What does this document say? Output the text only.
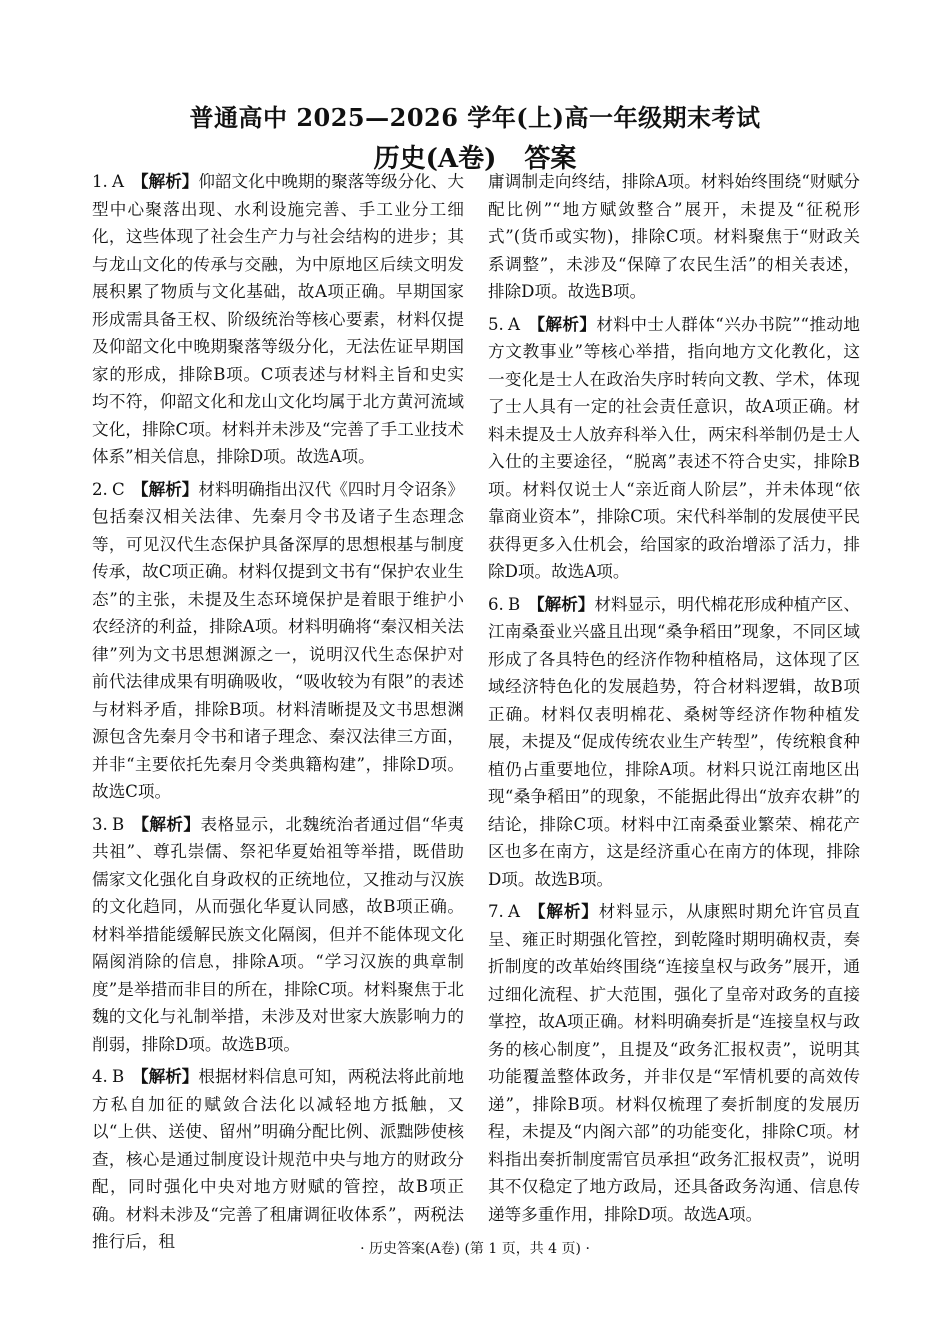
普通高中 2025—2026 学年(上)高一年级期末考试
历史(A卷) 答案
1. A 【解析】仰韶文化中晚期的聚落等级分化、大型中心聚落出现、水利设施完善、手工业分工细化，这些体现了社会生产力与社会结构的进步；其与龙山文化的传承与交融，为中原地区后续文明发展积累了物质与文化基础，故A项正确。早期国家形成需具备王权、阶级统治等核心要素，材料仅提及仰韶文化中晚期聚落等级分化，无法佐证早期国家的形成，排除B项。C项表述与材料主旨和史实均不符，仰韶文化和龙山文化均属于北方黄河流域文化，排除C项。材料并未涉及“完善了手工业技术体系”相关信息，排除D项。故选A项。
2. C 【解析】材料明确指出汉代《四时月令诏条》包括秦汉相关法律、先秦月令书及诸子生态理念等，可见汉代生态保护具备深厚的思想根基与制度传承，故C项正确。材料仅提到文书有“保护农业生态”的主张，未提及生态环境保护是着眼于维护小农经济的利益，排除A项。材料明确将“秦汉相关法律”列为文书思想渊源之一，说明汉代生态保护对前代法律成果有明确吸收，“吸收较为有限”的表述与材料矛盾，排除B项。材料清晰提及文书思想渊源包含先秦月令书和诸子理念、秦汉法律三方面，并非“主要依托先秦月令类典籍构建”，排除D项。故选C项。
3. B 【解析】表格显示，北魏统治者通过倡“华夷共祖”、尊孔崇儒、祭祀华夏始祖等举措，既借助儒家文化强化自身政权的正统地位，又推动与汉族的文化趋同，从而强化华夏认同感，故B项正确。材料举措能缓解民族文化隔阂，但并不能体现文化隔阂消除的信息，排除A项。“学习汉族的典章制度”是举措而非目的所在，排除C项。材料聚焦于北魏的文化与礼制举措，未涉及对世家大族影响力的削弱，排除D项。故选B项。
4. B 【解析】根据材料信息可知，两税法将此前地方私自加征的赋敛合法化以减轻地方抵触，又以“上供、送使、留州”明确分配比例、派黜陟使核查，核心是通过制度设计规范中央与地方的财政分配，同时强化中央对地方财赋的管控，故B项正确。材料未涉及“完善了租庸调征收体系”，两税法推行后，租
庸调制走向终结，排除A项。材料始终围绕“财赋分配比例”“地方赋敛整合”展开，未提及“征税形式”(货币或实物)，排除C项。材料聚焦于“财政关系调整”，未涉及“保障了农民生活”的相关表述，排除D项。故选B项。
5. A 【解析】材料中士人群体“兴办书院”“推动地方文教事业”等核心举措，指向地方文化教化，这一变化是士人在政治失序时转向文教、学术，体现了士人具有一定的社会责任意识，故A项正确。材料未提及士人放弃科举入仕，两宋科举制仍是士人入仕的主要途径，“脱离”表述不符合史实，排除B项。材料仅说士人“亲近商人阶层”，并未体现“依靠商业资本”，排除C项。宋代科举制的发展使平民获得更多入仕机会，给国家的政治增添了活力，排除D项。故选A项。
6. B 【解析】材料显示，明代棉花形成种植产区、江南桑蚕业兴盛且出现“桑争稻田”现象，不同区域形成了各具特色的经济作物种植格局，这体现了区域经济特色化的发展趋势，符合材料逻辑，故B项正确。材料仅表明棉花、桑树等经济作物种植发展，未提及“促成传统农业生产转型”，传统粮食种植仍占重要地位，排除A项。材料只说江南地区出现“桑争稻田”的现象，不能据此得出“放弃农耕”的结论，排除C项。材料中江南桑蚕业繁荣、棉花产区也多在南方，这是经济重心在南方的体现，排除D项。故选B项。
7. A 【解析】材料显示，从康熙时期允许官员直呈、雍正时期强化管控，到乾隆时期明确权责，奏折制度的改革始终围绕“连接皇权与政务”展开，通过细化流程、扩大范围，强化了皇帝对政务的直接掌控，故A项正确。材料明确奏折是“连接皇权与政务的核心制度”，且提及“政务汇报权责”，说明其功能覆盖整体政务，并非仅是“军情机要的高效传递”，排除B项。材料仅梳理了奏折制度的发展历程，未提及“内阁六部”的功能变化，排除C项。材料指出奏折制度需官员承担“政务汇报权责”，说明其不仅稳定了地方政局，还具备政务沟通、信息传递等多重作用，排除D项。故选A项。
· 历史答案(A卷) (第 1 页，共 4 页) ·
